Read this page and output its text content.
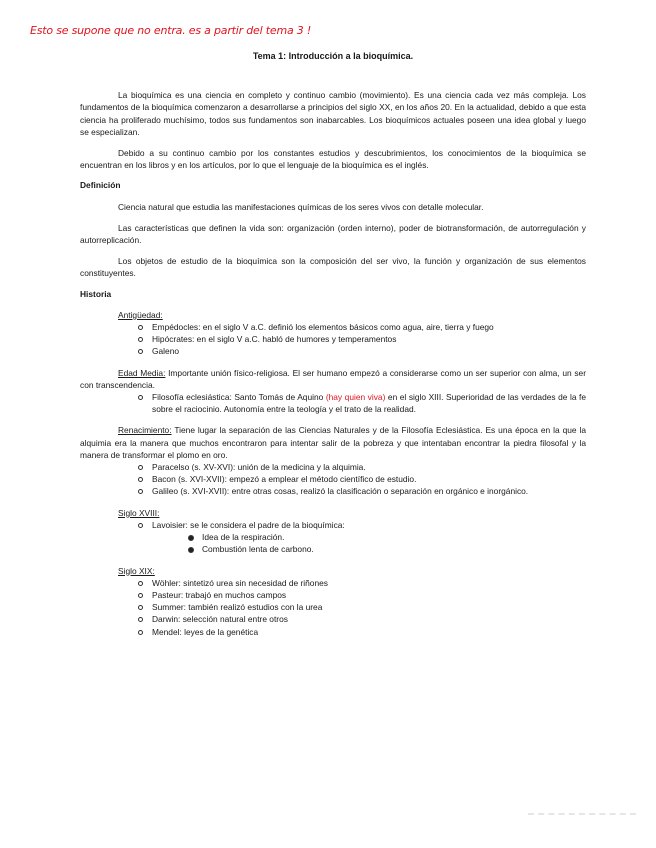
Esto se supone que no entra. es a partir del tema 3 !
Tema 1: Introducción a la bioquímica.

La bioquímica es una ciencia en completo y continuo cambio (movimiento). Es una ciencia cada vez más compleja. Los fundamentos de la bioquímica comenzaron a desarrollarse a principios del siglo XX, en los años 20. En la actualidad, debido a que esta ciencia ha proliferado muchísimo, todos sus fundamentos son inabarcables. Los bioquímicos actuales poseen una idea global y luego se especializan.

Debido a su continuo cambio por los constantes estudios y descubrimientos, los conocimientos de la bioquímica se encuentran en los libros y en los artículos, por lo que el lenguaje de la bioquímica es el inglés.

Definición

Ciencia natural que estudia las manifestaciones químicas de los seres vivos con detalle molecular.

Las características que definen la vida son: organización (orden interno), poder de biotransformación, de autorregulación y autorreplicación.

Los objetos de estudio de la bioquímica son la composición del ser vivo, la función y organización de sus elementos constituyentes.

Historia
Antigüedad:
Empédocles: en el siglo V a.C. definió los elementos básicos como agua, aire, tierra y fuego
Hipócrates: en el siglo V a.C. habló de humores y temperamentos
Galeno

Edad Media: Importante unión físico-religiosa. El ser humano empezó a considerarse como un ser superior con alma, un ser con transcendencia.

Filosofía eclesiástica: Santo Tomás de Aquino (hay quien viva) en el siglo XIII. Superioridad de las verdades de la fe sobre el raciocinio. Autonomía entre la teología y el trato de la realidad.

Renacimiento: Tiene lugar la separación de las Ciencias Naturales y de la Filosofía Eclesiástica. Es una época en la que la alquimia era la manera que muchos encontraron para intentar salir de la pobreza y que intentaban encontrar la piedra filosofal y la manera de transformar el plomo en oro.

Paracelso (s. XV-XVI): unión de la medicina y la alquimia.
Bacon (s. XVI-XVII): empezó a emplear el método científico de estudio.
Galileo (s. XVI-XVII): entre otras cosas, realizó la clasificación o separación en orgánico e inorgánico.
Siglo XVIII:
Lavoisier: se le considera el padre de la bioquímica:
Idea de la respiración.
Combustión lenta de carbono.
Siglo XIX:
Wöhler: sintetizó urea sin necesidad de riñones
Pasteur: trabajó en muchos campos
Summer: también realizó estudios con la urea
Darwin: selección natural entre otros
Mendel: leyes de la genética
